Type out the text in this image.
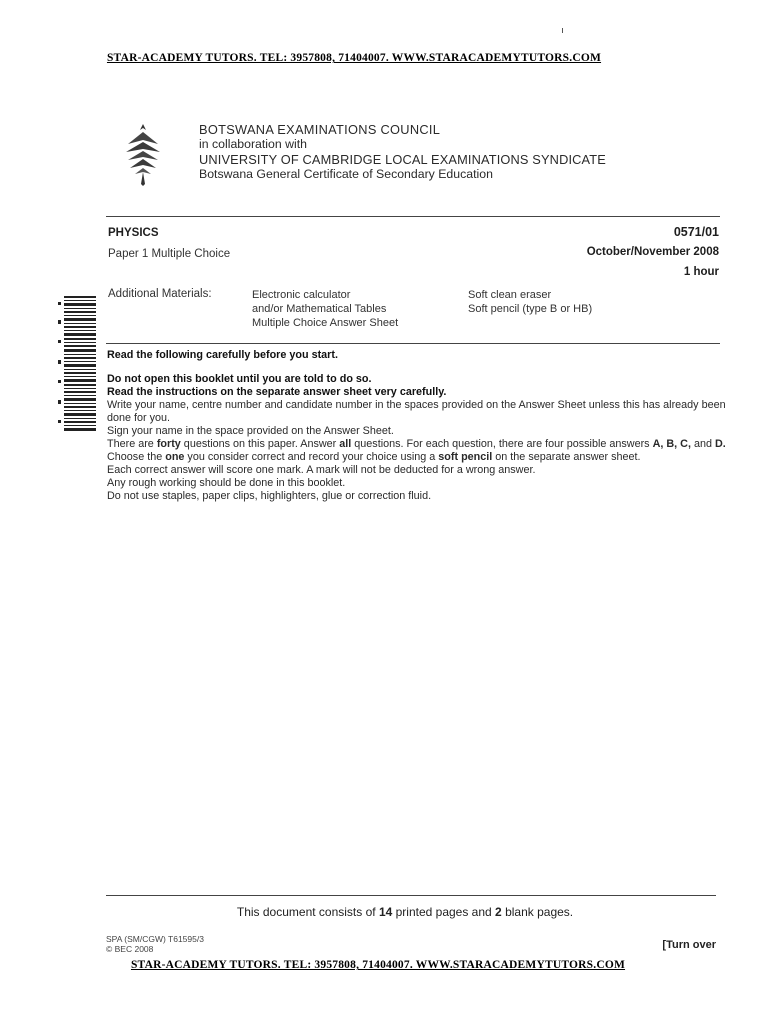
STAR-ACADEMY TUTORS. TEL: 3957808, 71404007. WWW.STARACADEMYTUTORS.COM
BOTSWANA EXAMINATIONS COUNCIL
in collaboration with
UNIVERSITY OF CAMBRIDGE LOCAL EXAMINATIONS SYNDICATE
Botswana General Certificate of Secondary Education
PHYSICS
Paper 1 Multiple Choice
0571/01
October/November 2008
1 hour
Additional Materials:	Electronic calculator
and/or Mathematical Tables
Multiple Choice Answer Sheet
Soft clean eraser
Soft pencil (type B or HB)

Read the following carefully before you start.

Do not open this booklet until you are told to do so.

Read the instructions on the separate answer sheet very carefully.

Write your name, centre number and candidate number in the spaces provided on the Answer Sheet unless this has already been done for you.

Sign your name in the space provided on the Answer Sheet.

There are forty questions on this paper. Answer all questions. For each question, there are four possible answers A, B, C, and D. Choose the one you consider correct and record your choice using a soft pencil on the separate answer sheet.

Each correct answer will score one mark. A mark will not be deducted for a wrong answer.

Any rough working should be done in this booklet.

Do not use staples, paper clips, highlighters, glue or correction fluid.

This document consists of 14 printed pages and 2 blank pages.
SPA (SM/CGW) T61595/3
© BEC 2008	[Turn over
STAR-ACADEMY TUTORS. TEL: 3957808, 71404007. WWW.STARACADEMYTUTORS.COM
